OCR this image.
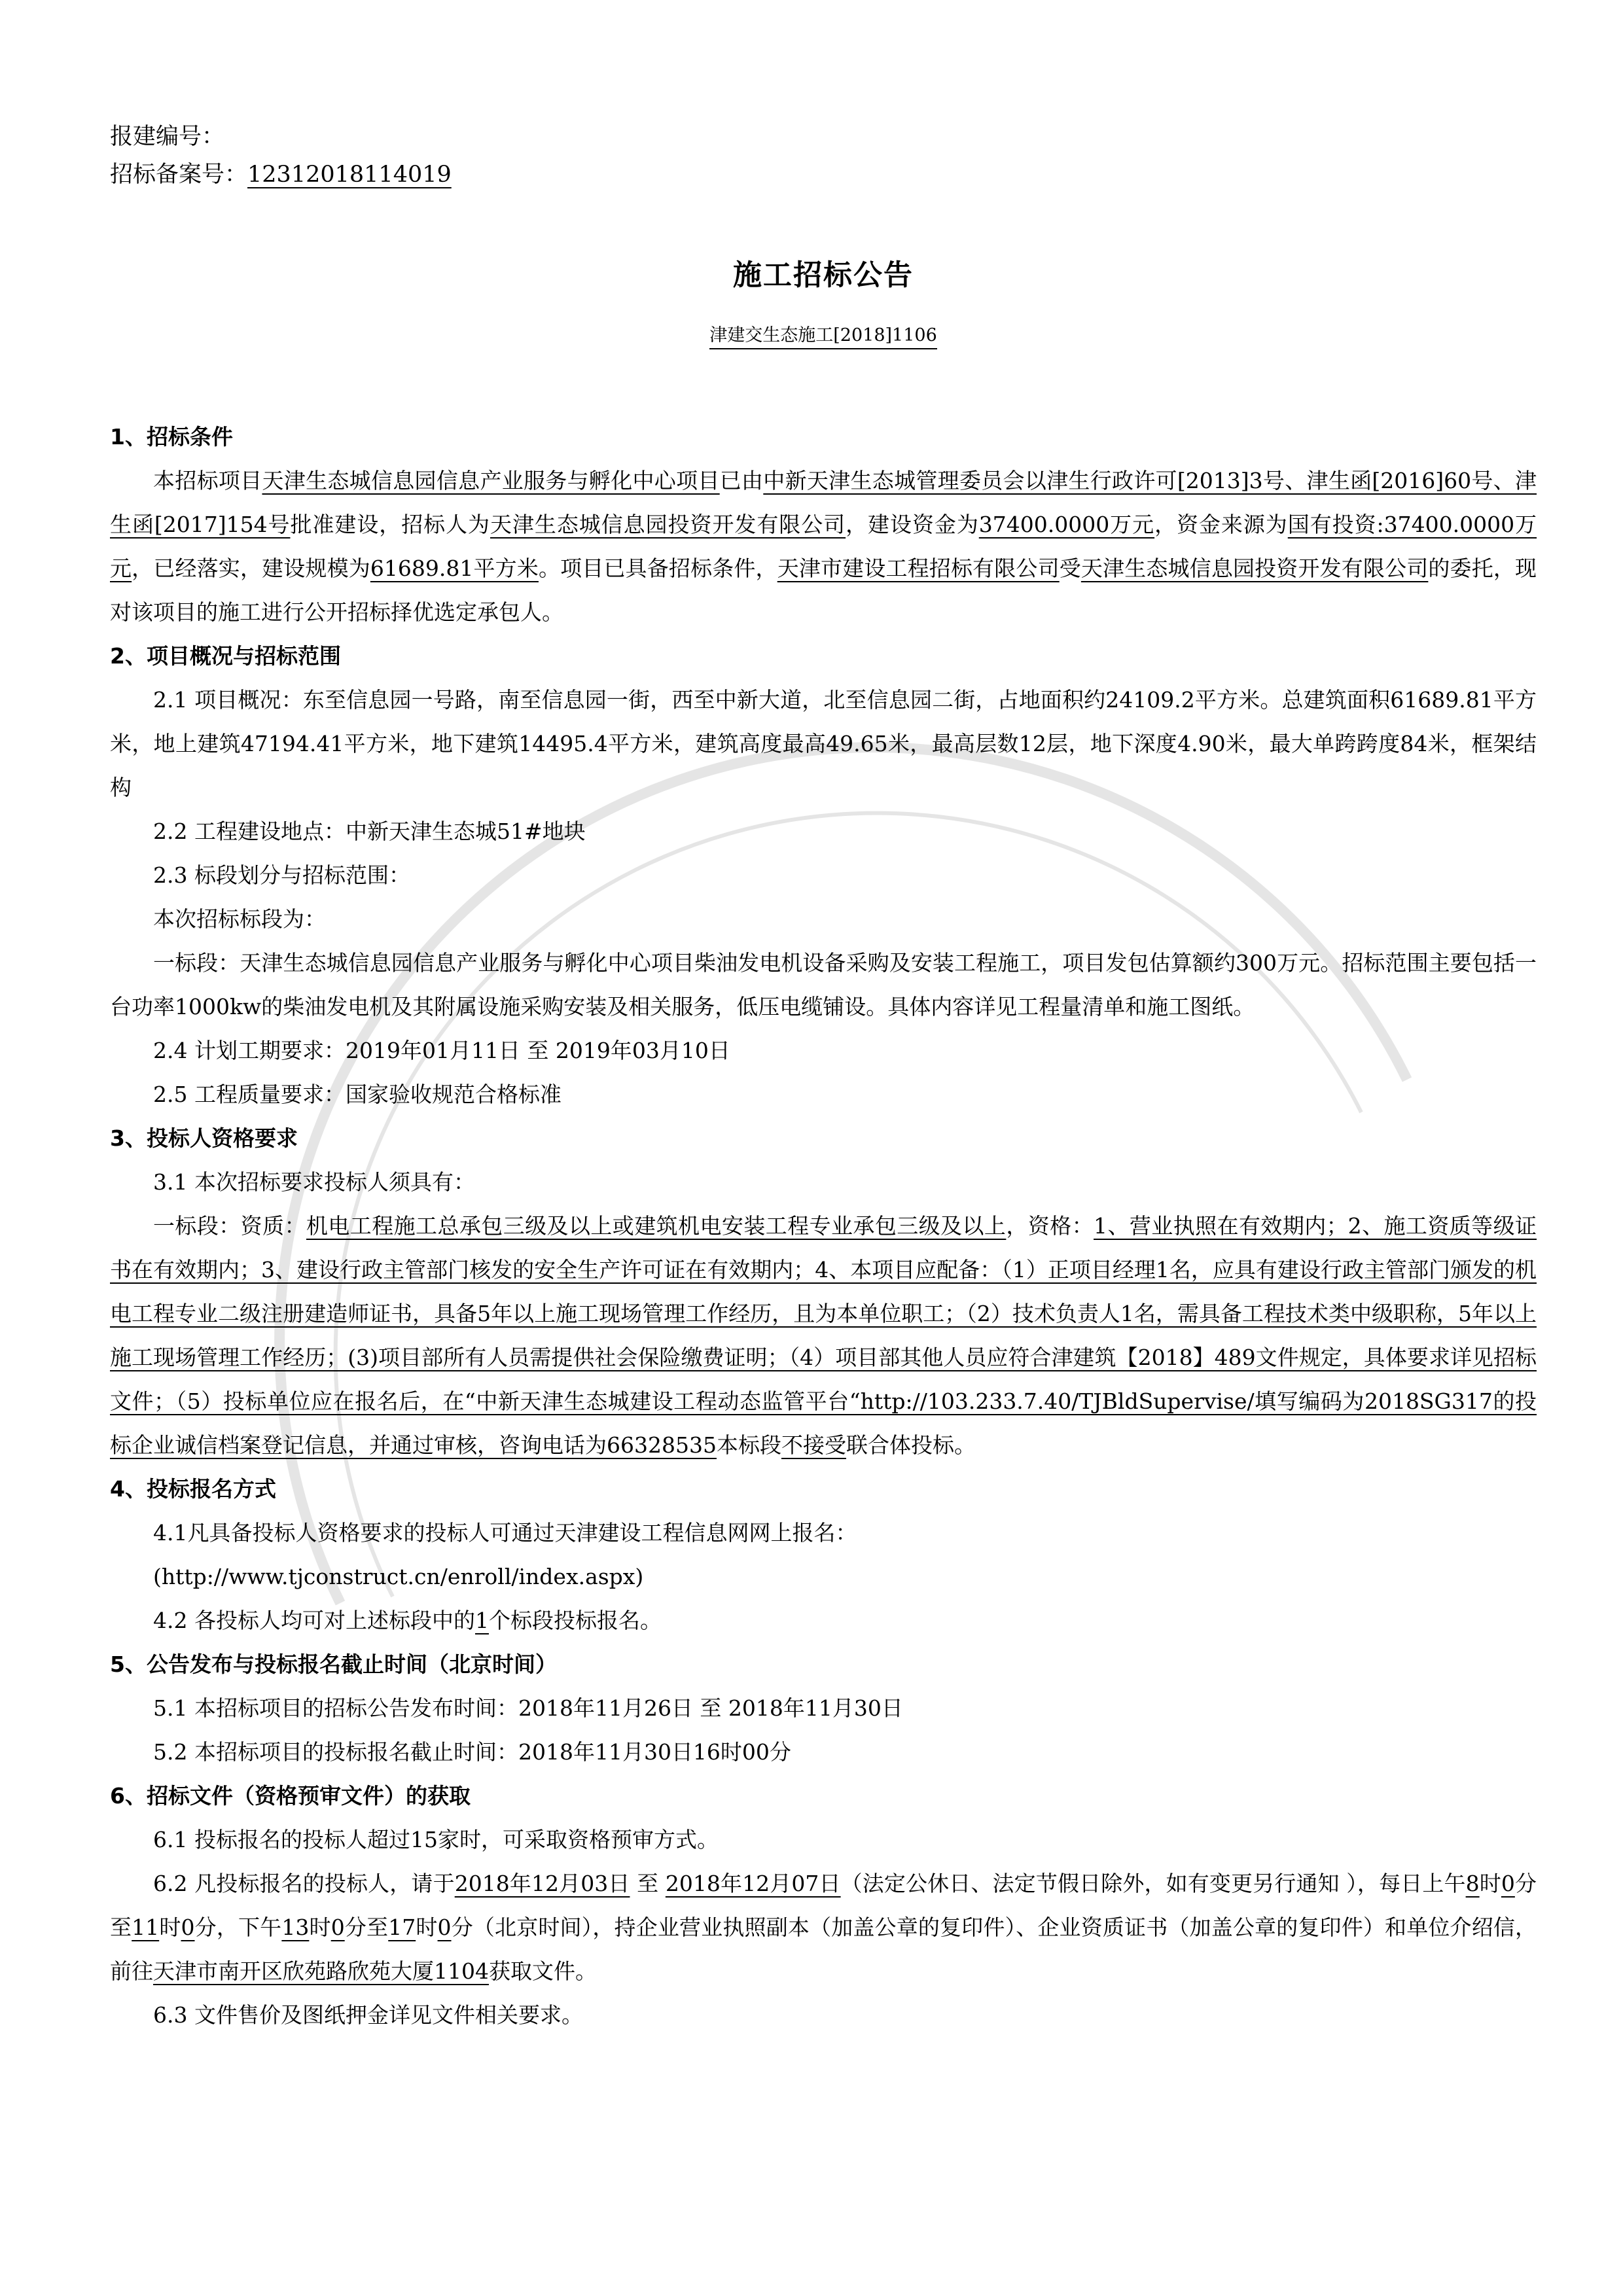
报建编号：
招标备案号：12312018114019
施工招标公告
津建交生态施工[2018]1106
1、招标条件

本招标项目天津生态城信息园信息产业服务与孵化中心项目已由中新天津生态城管理委员会以津生行政许可[2013]3号、津生函[2016]60号、津生函[2017]154号批准建设，招标人为天津生态城信息园投资开发有限公司，建设资金为37400.0000万元，资金来源为国有投资:37400.0000万元，已经落实，建设规模为61689.81平方米。项目已具备招标条件，天津市建设工程招标有限公司受天津生态城信息园投资开发有限公司的委托，现对该项目的施工进行公开招标择优选定承包人。

2、项目概况与招标范围

2.1 项目概况：东至信息园一号路，南至信息园一街，西至中新大道，北至信息园二街，占地面积约24109.2平方米。总建筑面积61689.81平方米，地上建筑47194.41平方米，地下建筑14495.4平方米，建筑高度最高49.65米，最高层数12层，地下深度4.90米，最大单跨跨度84米，框架结构

2.2 工程建设地点：中新天津生态城51#地块

2.3 标段划分与招标范围：

本次招标标段为：

一标段：天津生态城信息园信息产业服务与孵化中心项目柴油发电机设备采购及安装工程施工，项目发包估算额约300万元。招标范围主要包括一台功率1000kw的柴油发电机及其附属设施采购安装及相关服务，低压电缆铺设。具体内容详见工程量清单和施工图纸。

2.4 计划工期要求：2019年01月11日 至 2019年03月10日

2.5 工程质量要求：国家验收规范合格标准

3、投标人资格要求

3.1 本次招标要求投标人须具有：

一标段：资质：机电工程施工总承包三级及以上或建筑机电安装工程专业承包三级及以上，资格：1、营业执照在有效期内；2、施工资质等级证书在有效期内；3、建设行政主管部门核发的安全生产许可证在有效期内；4、本项目应配备：（1）正项目经理1名，应具有建设行政主管部门颁发的机电工程专业二级注册建造师证书，具备5年以上施工现场管理工作经历，且为本单位职工；（2）技术负责人1名，需具备工程技术类中级职称，5年以上施工现场管理工作经历；(3)项目部所有人员需提供社会保险缴费证明；（4）项目部其他人员应符合津建筑【2018】489文件规定，具体要求详见招标文件；（5）投标单位应在报名后，在“中新天津生态城建设工程动态监管平台“http://103.233.7.40/TJBldSupervise/填写编码为2018SG317的投标企业诚信档案登记信息，并通过审核，咨询电话为66328535本标段不接受联合体投标。

4、投标报名方式

4.1凡具备投标人资格要求的投标人可通过天津建设工程信息网网上报名：

(http://www.tjconstruct.cn/enroll/index.aspx)

4.2 各投标人均可对上述标段中的1个标段投标报名。

5、公告发布与投标报名截止时间（北京时间）

5.1 本招标项目的招标公告发布时间：2018年11月26日 至 2018年11月30日

5.2 本招标项目的投标报名截止时间：2018年11月30日16时00分

6、招标文件（资格预审文件）的获取

6.1 投标报名的投标人超过15家时，可采取资格预审方式。

6.2 凡投标报名的投标人，请于2018年12月03日 至 2018年12月07日（法定公休日、法定节假日除外，如有变更另行通知 ），每日上午8时0分至11时0分，下午13时0分至17时0分（北京时间），持企业营业执照副本（加盖公章的复印件）、企业资质证书（加盖公章的复印件）和单位介绍信，前往天津市南开区欣苑路欣苑大厦1104获取文件。

6.3 文件售价及图纸押金详见文件相关要求。
